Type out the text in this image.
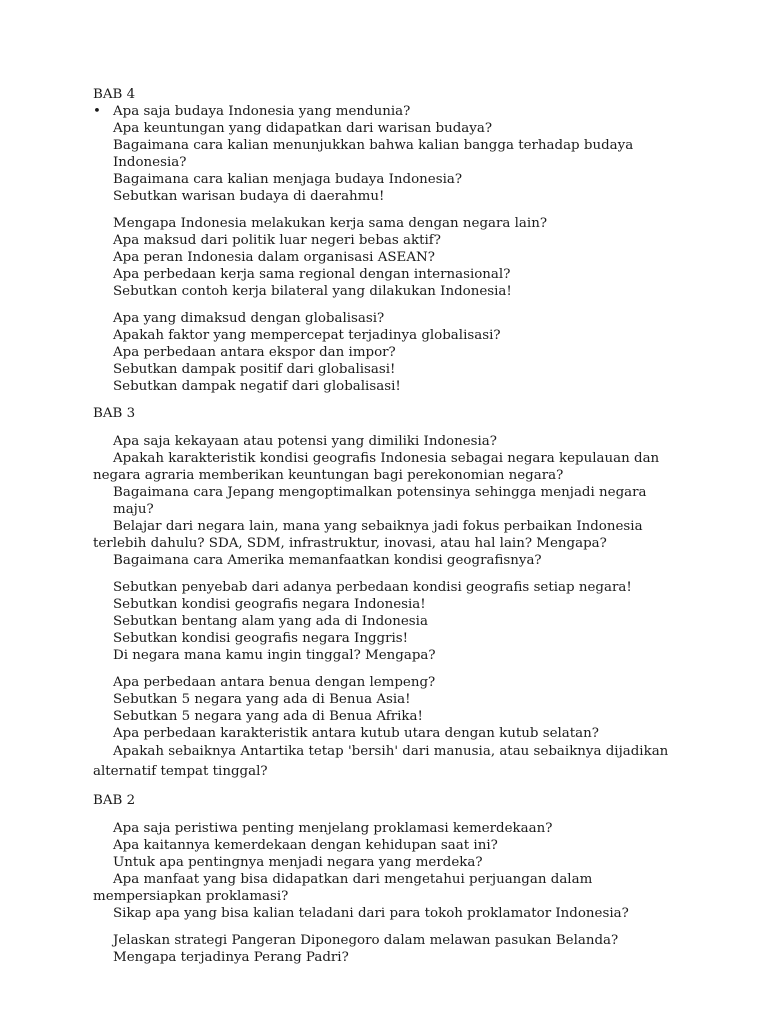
BAB 4

• Apa saja budaya Indonesia yang mendunia?

Apa keuntungan yang didapatkan dari warisan budaya?

Bagaimana cara kalian menunjukkan bahwa kalian bangga terhadap budaya Indonesia?

Bagaimana cara kalian menjaga budaya Indonesia?

Sebutkan warisan budaya di daerahmu!

Mengapa Indonesia melakukan kerja sama dengan negara lain?

Apa maksud dari politik luar negeri bebas aktif?

Apa peran Indonesia dalam organisasi ASEAN?

Apa perbedaan kerja sama regional dengan internasional?

Sebutkan contoh kerja bilateral yang dilakukan Indonesia!

Apa yang dimaksud dengan globalisasi?

Apakah faktor yang mempercepat terjadinya globalisasi?

Apa perbedaan antara ekspor dan impor?

Sebutkan dampak positif dari globalisasi!

Sebutkan dampak negatif dari globalisasi!

BAB 3

Apa saja kekayaan atau potensi yang dimiliki Indonesia?

Apakah karakteristik kondisi geografis Indonesia sebagai negara kepulauan dan negara agraria memberikan keuntungan bagi perekonomian negara?

Bagaimana cara Jepang mengoptimalkan potensinya sehingga menjadi negara maju?

Belajar dari negara lain, mana yang sebaiknya jadi fokus perbaikan Indonesia terlebih dahulu? SDA, SDM, infrastruktur, inovasi, atau hal lain? Mengapa?

Bagaimana cara Amerika memanfaatkan kondisi geografisnya?

Sebutkan penyebab dari adanya perbedaan kondisi geografis setiap negara!

Sebutkan kondisi geografis negara Indonesia!

Sebutkan bentang alam yang ada di Indonesia

Sebutkan kondisi geografis negara Inggris!

Di negara mana kamu ingin tinggal? Mengapa?

Apa perbedaan antara benua dengan lempeng?

Sebutkan 5 negara yang ada di Benua Asia!

Sebutkan 5 negara yang ada di Benua Afrika!

Apa perbedaan karakteristik antara kutub utara dengan kutub selatan?

Apakah sebaiknya Antartika tetap 'bersih' dari manusia, atau sebaiknya dijadikan alternatif tempat tinggal?

BAB 2

Apa saja peristiwa penting menjelang proklamasi kemerdekaan?

Apa kaitannya kemerdekaan dengan kehidupan saat ini?

Untuk apa pentingnya menjadi negara yang merdeka?

Apa manfaat yang bisa didapatkan dari mengetahui perjuangan dalam mempersiapkan proklamasi?

Sikap apa yang bisa kalian teladani dari para tokoh proklamator Indonesia?

Jelaskan strategi Pangeran Diponegoro dalam melawan pasukan Belanda?

Mengapa terjadinya Perang Padri?
